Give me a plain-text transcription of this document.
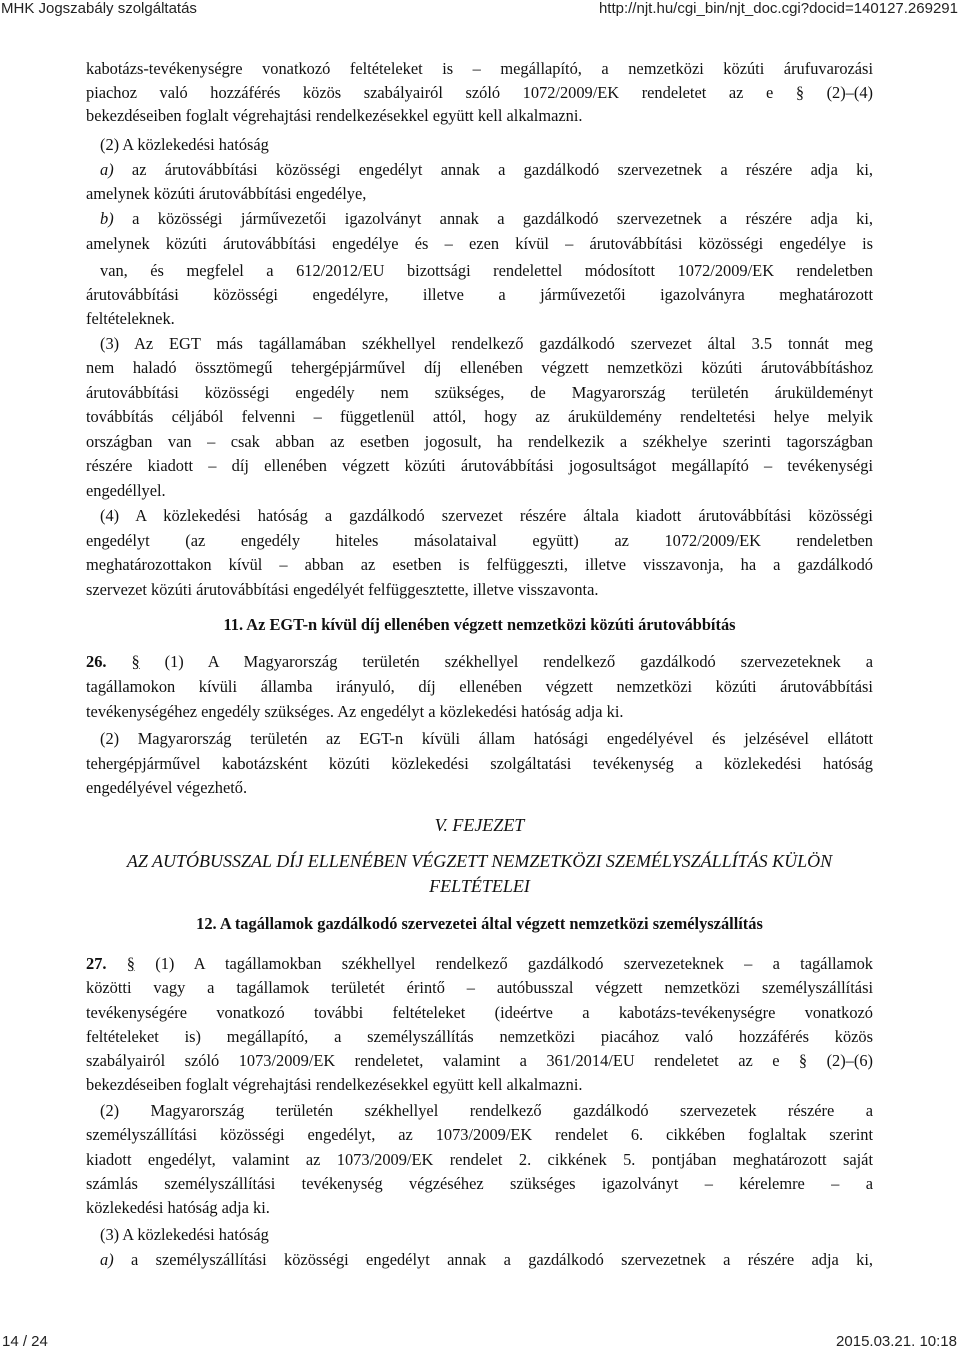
MHK Jogszabály szolgáltatás	http://njt.hu/cgi_bin/njt_doc.cgi?docid=140127.269291
kabotázs-tevékenységre vonatkozó feltételeket is – megállapító, a nemzetközi közúti árufuvarozási
piachoz való hozzáférés közös szabályairól szóló 1072/2009/EK rendeletet az e § (2)–(4)
bekezdéseiben foglalt végrehajtási rendelkezésekkel együtt kell alkalmazni.
(2) A közlekedési hatóság
a) az árutovábbítási közösségi engedélyt annak a gazdálkodó szervezetnek a részére adja ki,
amelynek közúti árutovábbítási engedélye,
b) a közösségi járművezetői igazolványt annak a gazdálkodó szervezetnek a részére adja ki,
amelynek közúti árutovábbítási engedélye és – ezen kívül – árutovábbítási közösségi engedélye is
van, és megfelel a 612/2012/EU bizottsági rendelettel módosított 1072/2009/EK rendeletben
árutovábbítási közösségi engedélyre, illetve a járművezetői igazolványra meghatározott
feltételeknek.
(3) Az EGT más tagállamában székhellyel rendelkező gazdálkodó szervezet által 3.5 tonnát meg
nem haladó össztömegű tehergépjárművel díj ellenében végzett nemzetközi közúti árutovábbításhoz
árutovábbítási közösségi engedély nem szükséges, de Magyarország területén áruküldeményt
továbbítás céljából felvenni – függetlenül attól, hogy az áruküldemény rendeltetési helye melyik
országban van – csak abban az esetben jogosult, ha rendelkezik a székhelye szerinti tagországban
részére kiadott – díj ellenében végzett közúti árutovábbítási jogosultságot megállapító – tevékenységi
engedéllyel.
(4) A közlekedési hatóság a gazdálkodó szervezet részére általa kiadott árutovábbítási közösségi
engedélyt (az engedély hiteles másolataival együtt) az 1072/2009/EK rendeletben
meghatározottakon kívül – abban az esetben is felfüggeszti, illetve visszavonja, ha a gazdálkodó
szervezet közúti árutovábbítási engedélyét felfüggesztette, illetve visszavonta.
11. Az EGT-n kívül díj ellenében végzett nemzetközi közúti árutovábbítás
26. § (1) A Magyarország területén székhellyel rendelkező gazdálkodó szervezeteknek a
tagállamokon kívüli államba irányuló, díj ellenében végzett nemzetközi közúti árutovábbítási
tevékenységéhez engedély szükséges. Az engedélyt a közlekedési hatóság adja ki.
(2) Magyarország területén az EGT-n kívüli állam hatósági engedélyével és jelzésével ellátott
tehergépjárművel kabotázsként közúti közlekedési szolgáltatási tevékenység a közlekedési hatóság
engedélyével végezhető.
V. FEJEZET
AZ AUTÓBUSSZAL DÍJ ELLENÉBEN VÉGZETT NEMZETKÖZI SZEMÉLYSZÁLLÍTÁS KÜLÖN
FELTÉTELEI
12. A tagállamok gazdálkodó szervezetei által végzett nemzetközi személyszállítás
27. § (1) A tagállamokban székhellyel rendelkező gazdálkodó szervezeteknek – a tagállamok
közötti vagy a tagállamok területét érintő – autóbusszal végzett nemzetközi személyszállítási
tevékenységére vonatkozó további feltételeket (ideértve a kabotázs-tevékenységre vonatkozó
feltételeket is) megállapító, a személyszállítás nemzetközi piacához való hozzáférés közös
szabályairól szóló 1073/2009/EK rendeletet, valamint a 361/2014/EU rendeletet az e § (2)–(6)
bekezdéseiben foglalt végrehajtási rendelkezésekkel együtt kell alkalmazni.
(2) Magyarország területén székhellyel rendelkező gazdálkodó szervezetek részére a
személyszállítási közösségi engedélyt, az 1073/2009/EK rendelet 6. cikkében foglaltak szerint
kiadott engedélyt, valamint az 1073/2009/EK rendelet 2. cikkének 5. pontjában meghatározott saját
számlás személyszállítási tevékenység végzéséhez szükséges igazolványt – kérelemre – a
közlekedési hatóság adja ki.
(3) A közlekedési hatóság
a) a személyszállítási közösségi engedélyt annak a gazdálkodó szervezetnek a részére adja ki,
14 / 24	2015.03.21. 10:18
